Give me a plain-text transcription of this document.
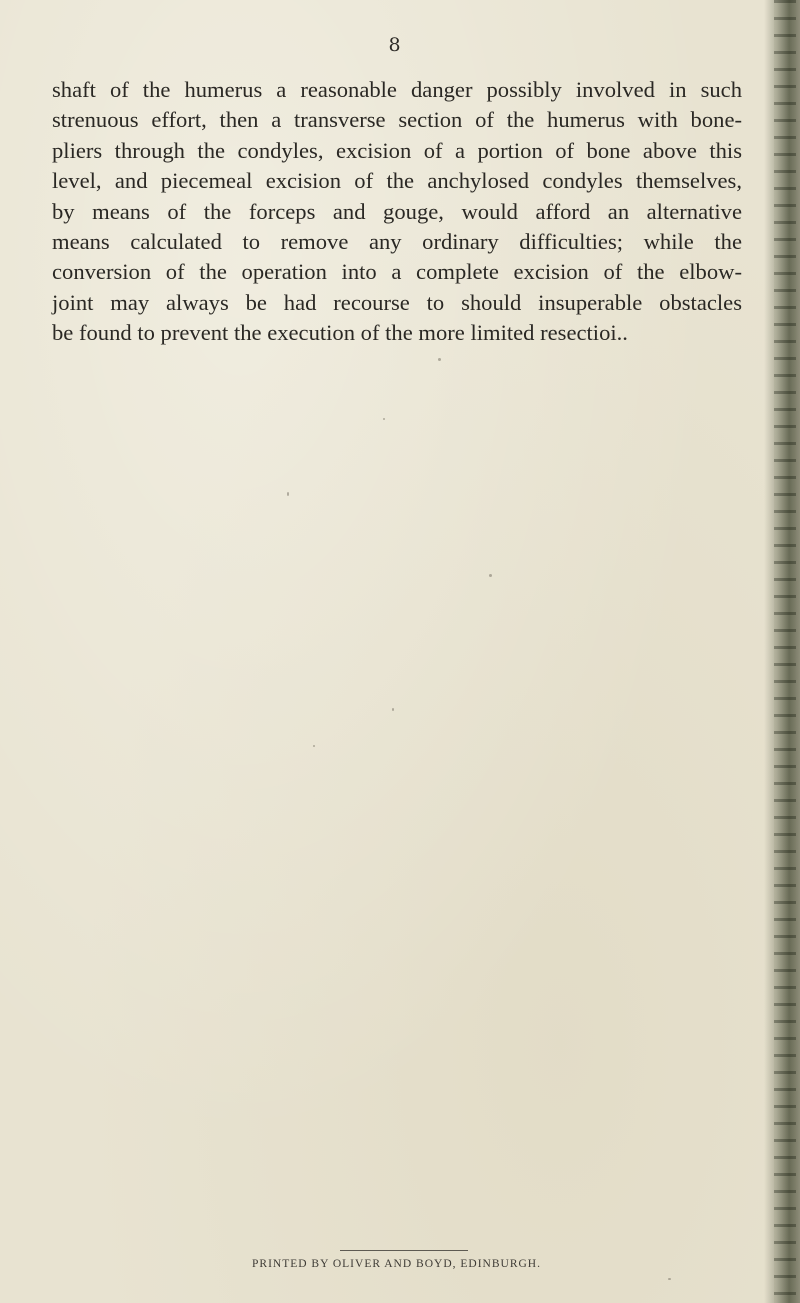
8
shaft of the humerus a reasonable danger possibly involved in such
strenuous effort, then a transverse section of the humerus with bone-
pliers through the condyles, excision of a portion of bone above this
level, and piecemeal excision of the anchylosed condyles themselves,
by means of the forceps and gouge, would afford an alternative
means calculated to remove any ordinary difficulties; while the
conversion of the operation into a complete excision of the elbow-
joint may always be had recourse to should insuperable obstacles
be found to prevent the execution of the more limited resectioi..
PRINTED BY OLIVER AND BOYD, EDINBURGH.
